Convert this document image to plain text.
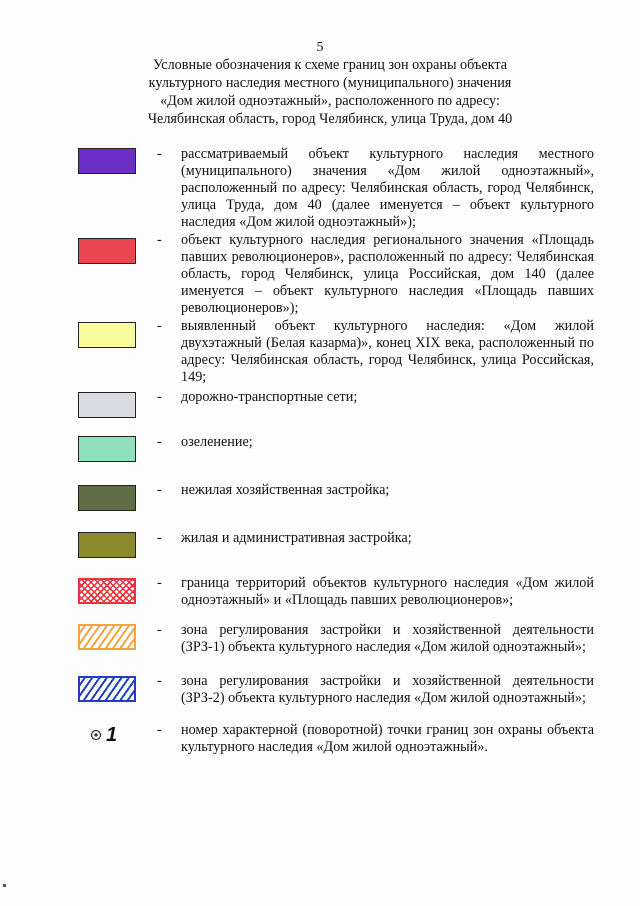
5
Условные обозначения к схеме границ зон охраны объекта
культурного наследия местного (муниципального) значения
«Дом жилой одноэтажный», расположенного по адресу:
Челябинская область, город Челябинск, улица Труда, дом 40
- рассматриваемый объект культурного наследия местного (муниципального) значения «Дом жилой одноэтажный», расположенный по адресу: Челябинская область, город Челябинск, улица Труда, дом 40 (далее именуется – объект культурного наследия «Дом жилой одноэтажный»);
- объект культурного наследия регионального значения «Площадь павших революционеров», расположенный по адресу: Челябинская область, город Челябинск, улица Российская, дом 140 (далее именуется – объект культурного наследия «Площадь павших революционеров»);
- выявленный объект культурного наследия: «Дом жилой двухэтажный (Белая казарма)», конец XIX века, расположенный по адресу: Челябинская область, город Челябинск, улица Российская, 149;
- дорожно-транспортные сети;
- озеленение;
- нежилая хозяйственная застройка;
- жилая и административная застройка;
- граница территорий объектов культурного наследия «Дом жилой одноэтажный» и «Площадь павших революционеров»;
- зона регулирования застройки и хозяйственной деятельности (ЗРЗ-1) объекта культурного наследия «Дом жилой одноэтажный»;
- зона регулирования застройки и хозяйственной деятельности (ЗРЗ-2) объекта культурного наследия «Дом жилой одноэтажный»;
1	- номер характерной (поворотной) точки границ зон охраны объекта культурного наследия «Дом жилой одноэтажный».
